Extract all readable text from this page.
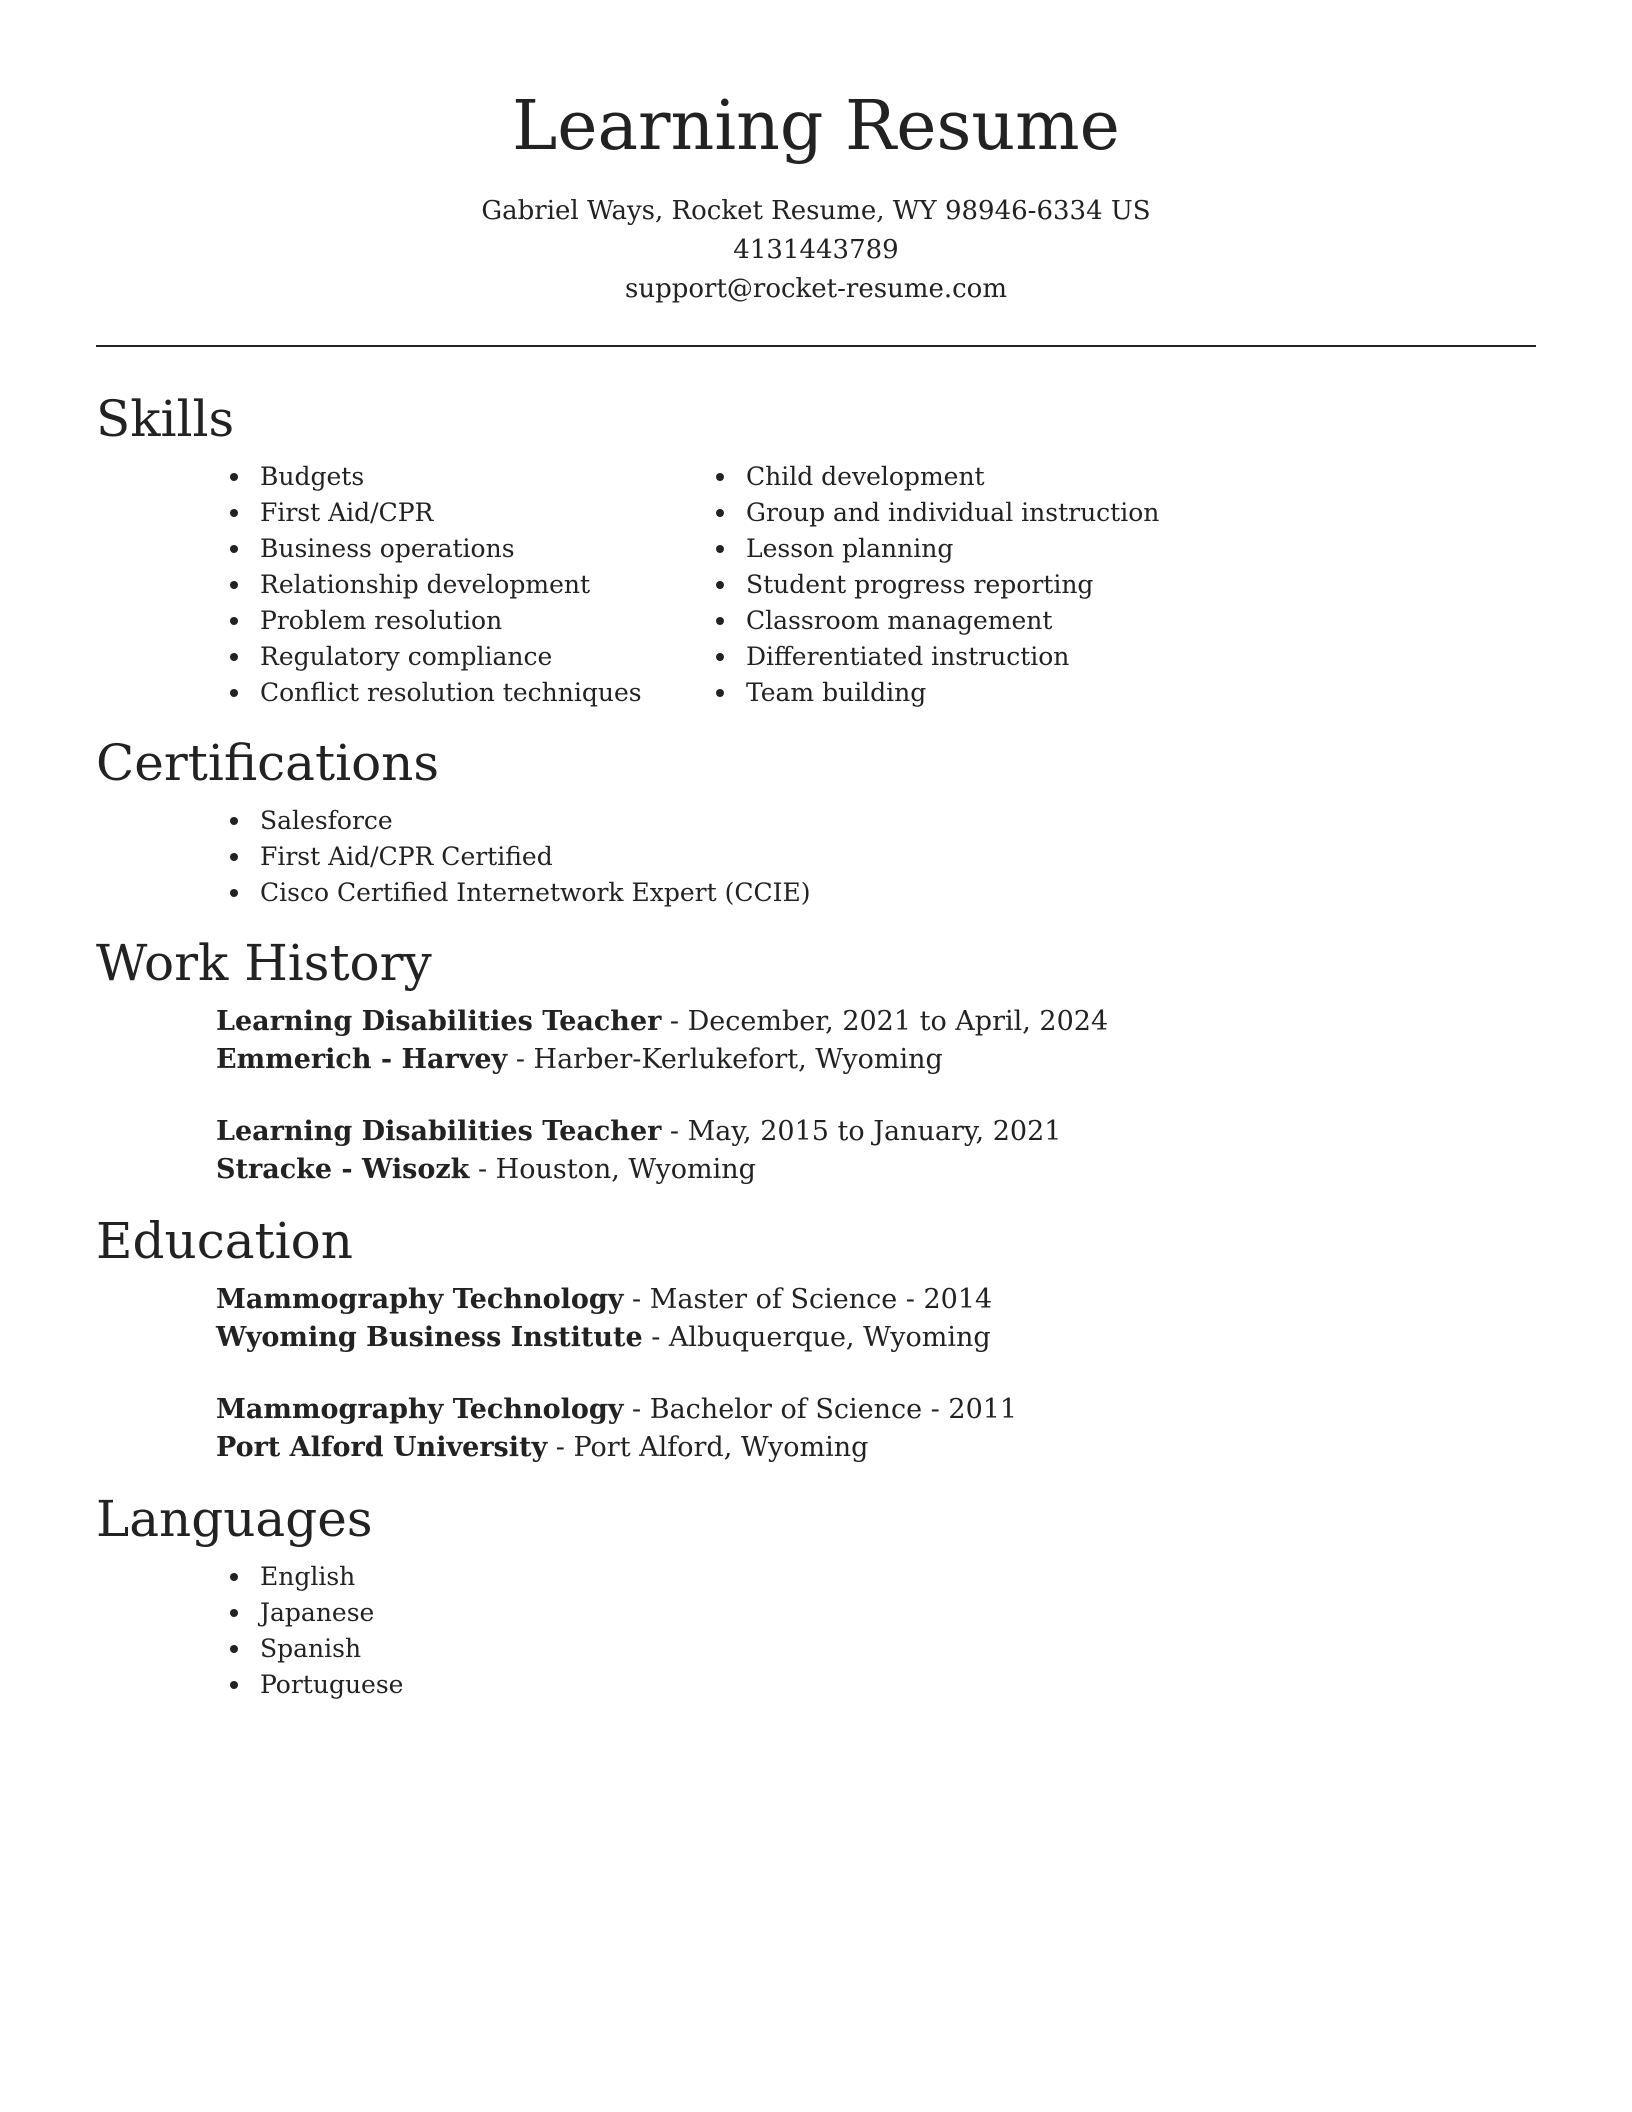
Learning Resume
Gabriel Ways, Rocket Resume, WY 98946-6334 US
4131443789
support@rocket-resume.com
Skills
Budgets
First Aid/CPR
Business operations
Relationship development
Problem resolution
Regulatory compliance
Conflict resolution techniques
Child development
Group and individual instruction
Lesson planning
Student progress reporting
Classroom management
Differentiated instruction
Team building
Certifications
Salesforce
First Aid/CPR Certified
Cisco Certified Internetwork Expert (CCIE)
Work History
Learning Disabilities Teacher - December, 2021 to April, 2024
Emmerich - Harvey - Harber-Kerlukefort, Wyoming
Learning Disabilities Teacher - May, 2015 to January, 2021
Stracke - Wisozk - Houston, Wyoming
Education
Mammography Technology - Master of Science - 2014
Wyoming Business Institute - Albuquerque, Wyoming
Mammography Technology - Bachelor of Science - 2011
Port Alford University - Port Alford, Wyoming
Languages
English
Japanese
Spanish
Portuguese
